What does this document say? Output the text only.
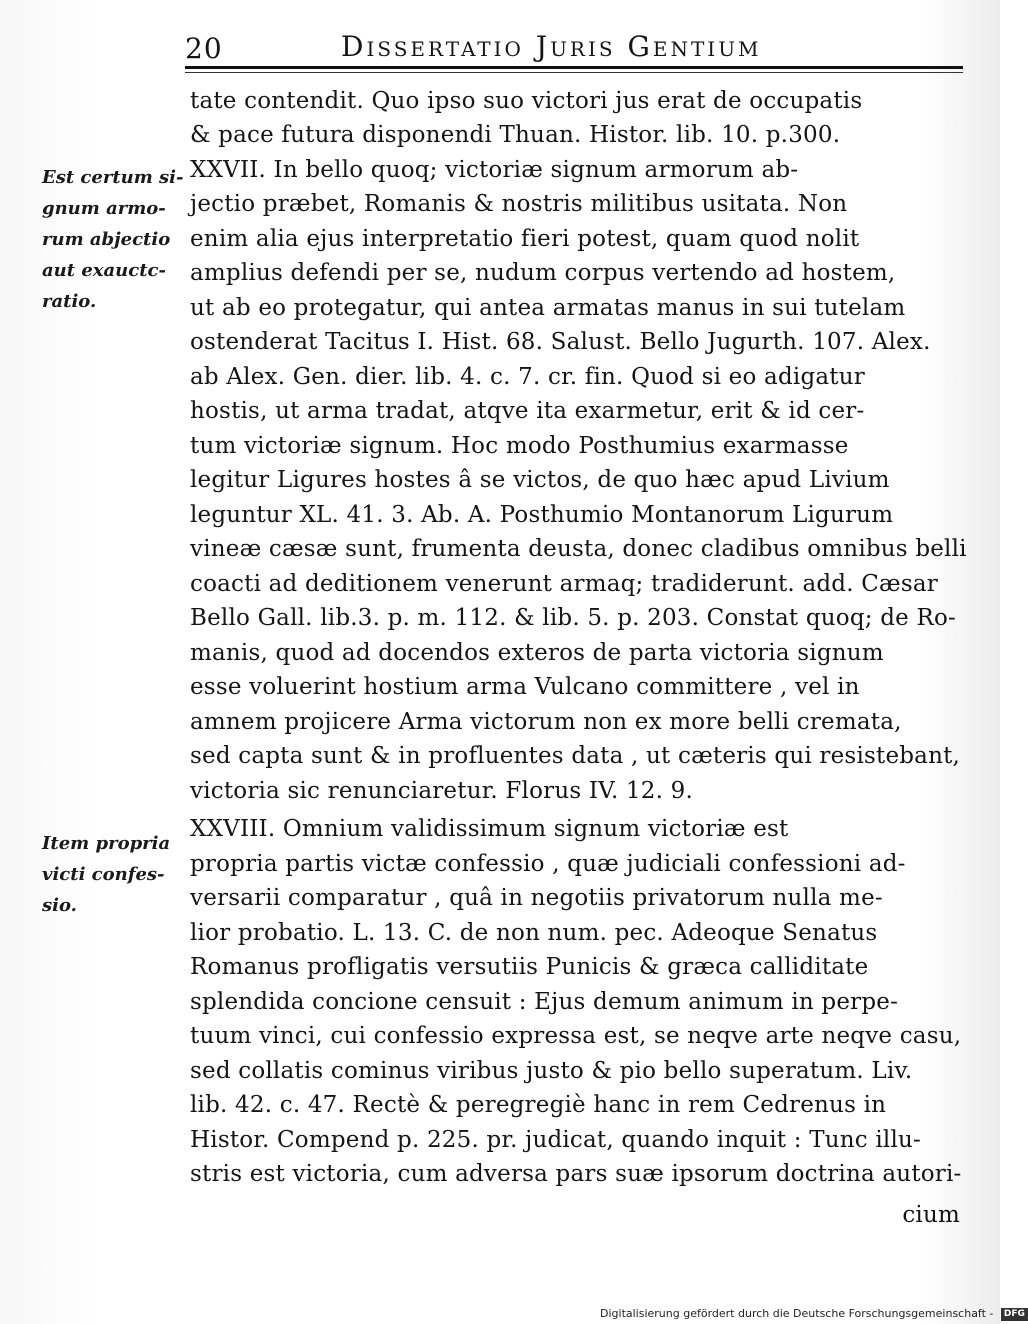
20	Dissertatio Juris Gentium
Est certum si-
gnum armo-
rum abjectio
aut exauctc-
ratio.
Item propria
victi confes-
sio.
tate contendit. Quo ipso suo victori jus erat de occupatis
& pace futura disponendi Thuan. Histor. lib. 10. p.300.
XXVII. In bello quoq; victoriæ signum armorum ab-
jectio præbet, Romanis & nostris militibus usitata. Non
enim alia ejus interpretatio fieri potest, quam quod nolit
amplius defendi per se, nudum corpus vertendo ad hostem,
ut ab eo protegatur, qui antea armatas manus in sui tutelam
ostenderat Tacitus I. Hist. 68. Salust. Bello Jugurth. 107. Alex.
ab Alex. Gen. dier. lib. 4. c. 7. cr. fin. Quod si eo adigatur
hostis, ut arma tradat, atqve ita exarmetur, erit & id cer-
tum victoriæ signum. Hoc modo Posthumius exarmasse
legitur Ligures hostes â se victos, de quo hæc apud Livium
leguntur XL. 41. 3. Ab. A. Posthumio Montanorum Ligurum
vineæ cæsæ sunt, frumenta deusta, donec cladibus omnibus belli
coacti ad deditionem venerunt armaq; tradiderunt. add. Cæsar
Bello Gall. lib.3. p. m. 112. & lib. 5. p. 203. Constat quoq; de Ro-
manis, quod ad docendos exteros de parta victoria signum
esse voluerint hostium arma Vulcano committere , vel in
amnem projicere Arma victorum non ex more belli cremata,
sed capta sunt & in profluentes data , ut cæteris qui resistebant,
victoria sic renunciaretur. Florus IV. 12. 9.
XXVIII. Omnium validissimum signum victoriæ est
propria partis victæ confessio , quæ judiciali confessioni ad-
versarii comparatur , quâ in negotiis privatorum nulla me-
lior probatio. L. 13. C. de non num. pec. Adeoque Senatus
Romanus profligatis versutiis Punicis & græca calliditate
splendida concione censuit : Ejus demum animum in perpe-
tuum vinci, cui confessio expressa est, se neqve arte neqve casu,
sed collatis cominus viribus justo & pio bello superatum. Liv.
lib. 42. c. 47. Rectè & peregregiè hanc in rem Cedrenus in
Histor. Compend p. 225. pr. judicat, quando inquit : Tunc illu-
stris est victoria, cum adversa pars suæ ipsorum doctrina autori-
cium
Digitalisierung gefördert durch die Deutsche Forschungsgemeinschaft - DFG
